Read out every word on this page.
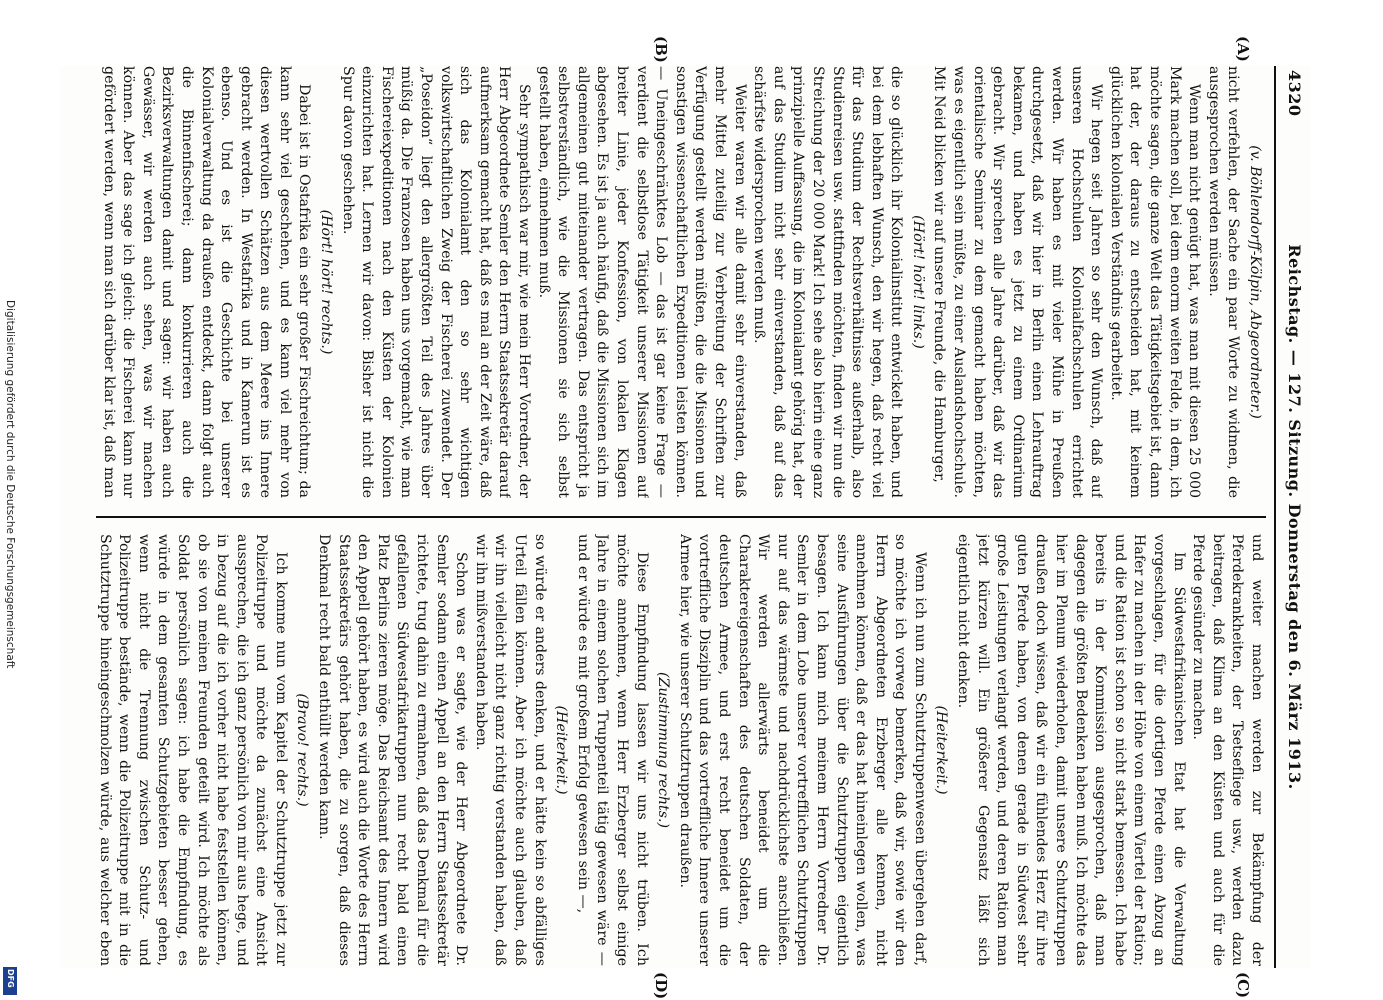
Digitalisierung gefördert durch die Deutsche Forschungsgemeinschaft
DFG
4320
Reichstag. — 127. Sitzung. Donnerstag den 6. März 1913.
(A)
(B)
(C)
(D)

(v. Böhlendorff-Kölpin, Abgeordneter.)

nicht verfehlen, der Sache ein paar Worte zu widmen, die ausgesprochen werden müssen.

Wenn man nicht genügt hat, was man mit diesen 25 000 Mark machen soll, bei dem enorm weiten Felde, in dem, ich möchte sagen, die ganze Welt das Tätigkeitsgebiet ist, dann hat der, der daraus zu entscheiden hat, mit keinem glücklichen kolonialen Verständnis gearbeitet.

Wir hegen seit Jahren so sehr den Wunsch, daß auf unseren Hochschulen Kolonialfachschulen errichtet werden. Wir haben es mit vieler Mühe in Preußen durchgesetzt, daß wir hier in Berlin einen Lehrauftrag bekamen, und haben es jetzt zu einem Ordinarium gebracht. Wir sprechen alle Jahre darüber, daß wir das orientalische Seminar zu dem gemacht haben möchten, was es eigentlich sein müßte, zu einer Auslandshochschule. Mit Neid blicken wir auf unsere Freunde, die Hamburger,

(Hört! hört! links.)

die so glücklich ihr Kolonialinstitut entwickelt haben, und bei dem lebhaften Wunsch, den wir hegen, daß recht viel für das Studium der Rechtsverhältnisse außerhalb, also Studienreisen usw. stattfinden möchten, finden wir nun die Streichung der 20 000 Mark! Ich sehe also hierin eine ganz prinzipielle Auffassung, die im Kolonialamt gehörig hat, der auf das Studium nicht sehr einverstanden, daß auf das schärfste widersprochen werden muß.

Weiter waren wir alle damit sehr einverstanden, daß mehr Mittel zuteilig zur Verbreitung der Schriften zur Verfügung gestellt werden müßten, die die Missionen und sonstigen wissenschaftlichen Expeditionen leisten können. — Uneingeschränktes Lob — das ist gar keine Frage — verdient die selbstlose Tätigkeit unserer Missionen auf breiter Linie, jeder Konfession, von lokalen Klagen abgesehen. Es ist ja auch häufig, daß die Missionen sich im allgemeinen gut miteinander vertragen. Das entspricht ja selbstverständlich, wie die Missionen sie sich selbst gestellt haben, einnehmen muß.

Sehr sympathisch war mir, wie mein Herr Vorredner, der Herr Abgeordnete Semler den Herrn Staatssekretär darauf aufmerksam gemacht hat, daß es mal an der Zeit wäre, daß sich das Kolonialamt den so sehr wichtigen volkswirtschaftlichen Zweig der Fischerei zuwendet. Der „Poseidon“ liegt den allergrößten Teil des Jahres über müßig da. Die Franzosen haben uns vorgemacht, wie man Fischereiexpeditionen nach den Küsten der Kolonien einzurichten hat. Lernen wir davon: Bisher ist nicht die Spur davon geschehen.

(Hört! hört! rechts.)

Dabei ist in Ostafrika ein sehr großer Fischreichtum; da kann sehr viel geschehen, und es kann viel mehr von diesen wertvollen Schätzen aus dem Meere ins Innere gebracht werden. In Westafrika und in Kamerun ist es ebenso. Und es ist die Geschichte bei unserer Kolonialverwaltung da draußen entdeckt, dann folgt auch die Binnenfischerei; dann konkurrieren auch die Bezirksverwaltungen damit und sagen: wir haben auch Gewässer, wir werden auch sehen, was wir machen können. Aber das sage ich gleich: die Fischerei kann nur gefördert werden, wenn man sich darüber klar ist, daß man

und weiter machen werden zur Bekämpfung der Pferdekrankheiten, der Tsetsefliege usw., werden dazu beitragen, daß Klima an den Küsten und auch für die Pferde gesünder zu machen.

Im Südwestafrikanischen Etat hat die Verwaltung vorgeschlagen, für die dortigen Pferde einen Abzug an Hafer zu machen in der Höhe von einem Viertel der Ration; und die Ration ist schon so nicht stark bemessen. Ich habe bereits in der Kommission ausgesprochen, daß man dagegen die größten Bedenken haben muß. Ich möchte das hier im Plenum wiederholen, damit unsere Schutztruppen draußen doch wissen, daß wir ein fühlendes Herz für ihre guten Pferde haben, von denen gerade in Südwest sehr große Leistungen verlangt werden, und deren Ration man jetzt kürzen will. Ein größerer Gegensatz läßt sich eigentlich nicht denken.

(Heiterkeit.)

Wenn ich nun zum Schutztruppenwesen übergehen darf, so möchte ich vorweg bemerken, daß wir, sowie wir den Herrn Abgeordneten Erzberger alle kennen, nicht annehmen können, daß er das hat hineinlegen wollen, was seine Ausführungen über die Schutztruppen eigentlich besagen. Ich kann mich meinem Herrn Vorredner Dr. Semler in dem Lobe unserer vortrefflichen Schutztruppen nur auf das wärmste und nachdrücklichste anschließen. Wir werden allerwärts beneidet um die Charaktereigenschaften des deutschen Soldaten, der deutschen Armee, und erst recht beneidet um die vortreffliche Disziplin und das vortreffliche Innere unserer Armee hier, wie unserer Schutztruppen draußen.

(Zustimmung rechts.)

Diese Empfindung lassen wir uns nicht trüben. Ich möchte annehmen, wenn Herr Erzberger selbst einige Jahre in einem solchen Truppenteil tätig gewesen wäre — und er würde es mit großem Erfolg gewesen sein —,

(Heiterkeit.)

so würde er anders denken, und er hätte kein so abfälliges Urteil fällen können. Aber ich möchte auch glauben, daß wir ihn vielleicht nicht ganz richtig verstanden haben, daß wir ihn mißverstanden haben.

Schon was er sagte, wie der Herr Abgeordnete Dr. Semler sodann einen Appell an den Herrn Staatssekretär richtete, trug dahin zu ermahnen, daß das Denkmal für die gefallenen Südwestafrikatruppen nun recht bald einen Platz Berlins zieren möge. Das Reichsamt des Innern wird den Appell gehört haben, es wird auch die Worte des Herrn Staatssekretärs gehört haben, die zu sorgen, daß dieses Denkmal recht bald enthüllt werden kann.

(Bravo! rechts.)

Ich komme nun vom Kapitel der Schutztruppe jetzt zur Polizeitruppe und möchte da zunächst eine Ansicht aussprechen, die ich ganz persönlich von mir aus hege, und in bezug auf die ich vorher nicht habe feststellen können, ob sie von meinen Freunden geteilt wird. Ich möchte als Soldat persönlich sagen: ich habe die Empfindung, es würde in dem gesamten Schutzgebieten besser gehen, wenn nicht die Trennung zwischen Schutz- und Polizeitruppe bestände, wenn die Polizeitruppe mit in die Schutztruppe hineingeschmolzen würde, aus welcher eben
